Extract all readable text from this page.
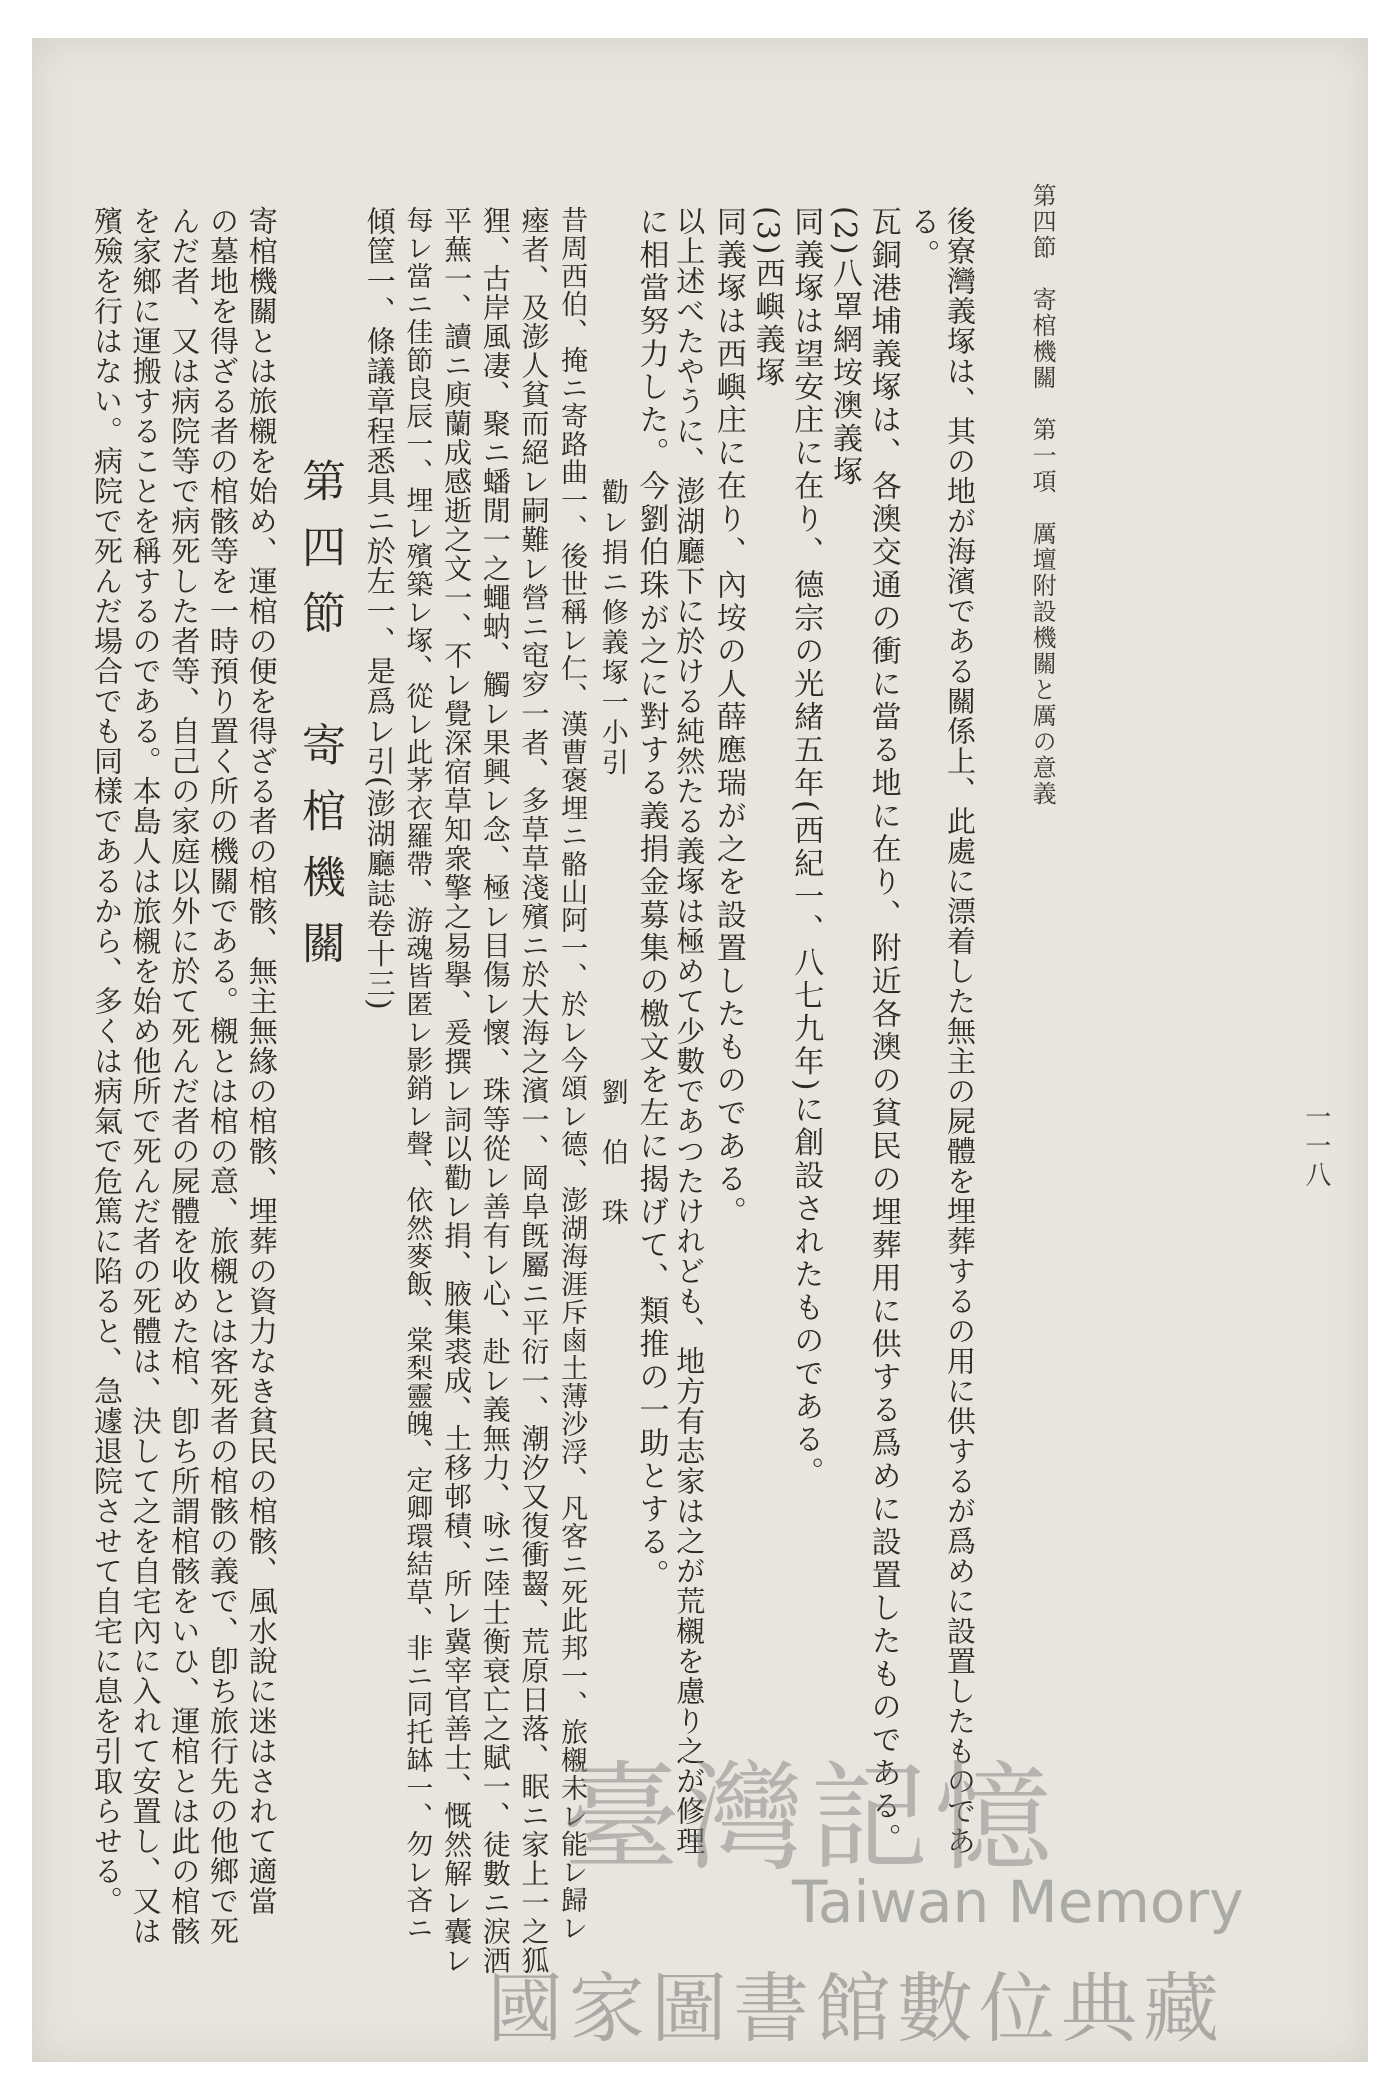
第四節　寄棺機關　第一項　厲壇附設機關と厲の意義
一一八
後寮灣義塚は、其の地が海濱である關係上、此處に漂着した無主の屍體を埋葬するの用に供するが爲めに設置したものであ
る。
瓦銅港埔義塚は、各澳交通の衝に當る地に在り、附近各澳の貧民の埋葬用に供する爲めに設置したものである。
(2)八罩網垵澳義塚
同義塚は望安庄に在り、德宗の光緒五年(西紀一、八七九年)に創設されたものである。
(3)西嶼義塚
同義塚は西嶼庄に在り、內垵の人薛應瑞が之を設置したものである。
以上述べたやうに、澎湖廳下に於ける純然たる義塚は極めて少數であつたけれども、地方有志家は之が荒櫬を慮り之が修理
に相當努力した。今劉伯珠が之に對する義捐金募集の檄文を左に揭げて、類推の一助とする。
勸レ捐ニ修義塚一小引　　　　　　　　　　劉　伯　珠
昔周西伯、掩ニ寄路曲一、後世稱レ仁、漢曹褒埋ニ骼山阿一、於レ今頌レ德、澎湖海涯斥鹵土薄沙浮、凡客ニ死此邦一、旅櫬未レ能レ歸レ
瘞者、及澎人貧而絕レ嗣難レ營ニ窀穸一者、多草草淺殯ニ於大海之濱一、岡阜旣屬ニ平衍一、潮汐又復衝齧、荒原日落、眠ニ家上一之狐
狸、古岸風凄、聚ニ蟠閒一之蠅蚋、觸レ果興レ念、極レ目傷レ懷、珠等從レ善有レ心、赴レ義無力、咏ニ陸士衡衰亡之賦一、徒數ニ淚洒
平蕪一、讀ニ庾蘭成感逝之文一、不レ覺深宿草知衆擎之易擧、爰撰レ詞以勸レ捐、腋集裘成、土移邨積、所レ冀宰官善士、慨然解レ囊レ
每レ當ニ佳節良辰一、埋レ殯築レ塚、從レ此茅衣羅帶、游魂皆匿レ影銷レ聲、依然麥飯、棠梨靈魄、定卿環結草、非ニ同托缽一、勿レ吝ニ
傾筐一、條議章程悉具ニ於左一、是爲レ引(澎湖廳誌卷十三)
第四節　寄棺機關
寄棺機關とは旅櫬を始め、運棺の便を得ざる者の棺骸、無主無緣の棺骸、埋葬の資力なき貧民の棺骸、風水說に迷はされて適當
の墓地を得ざる者の棺骸等を一時預り置く所の機關である。櫬とは棺の意、旅櫬とは客死者の棺骸の義で、卽ち旅行先の他鄉で死
んだ者、又は病院等で病死した者等、自己の家庭以外に於て死んだ者の屍體を收めた棺、卽ち所謂棺骸をいひ、運棺とは此の棺骸
を家鄉に運搬することを稱するのである。本島人は旅櫬を始め他所で死んだ者の死體は、決して之を自宅內に入れて安置し、又は
殯殮を行はない。病院で死んだ場合でも同樣であるから、多くは病氣で危篤に陷ると、急遽退院させて自宅に息を引取らせる。	臺灣記憶
Taiwan Memory
國家圖書館數位典藏
